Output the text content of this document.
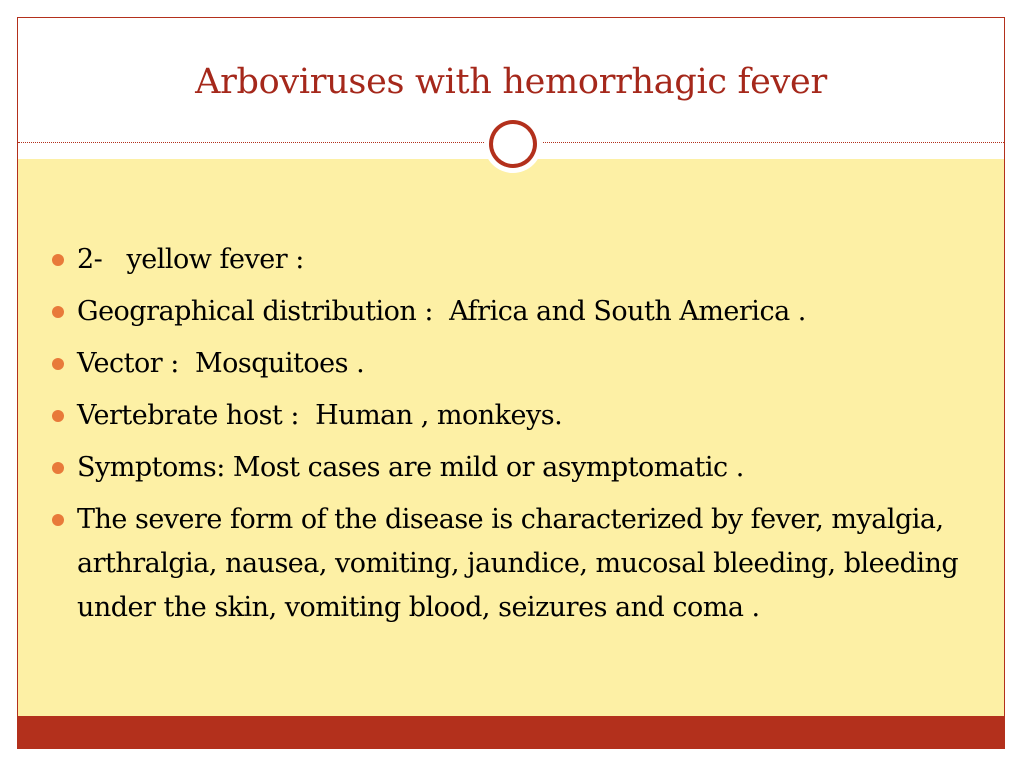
Arboviruses with hemorrhagic fever
2-   yellow fever :
Geographical distribution :  Africa and South America .
Vector :  Mosquitoes .
Vertebrate host :  Human , monkeys.
Symptoms: Most cases are mild or asymptomatic .
The severe form of the disease is characterized by fever, myalgia, arthralgia, nausea, vomiting, jaundice, mucosal bleeding, bleeding under the skin, vomiting blood, seizures and coma .
